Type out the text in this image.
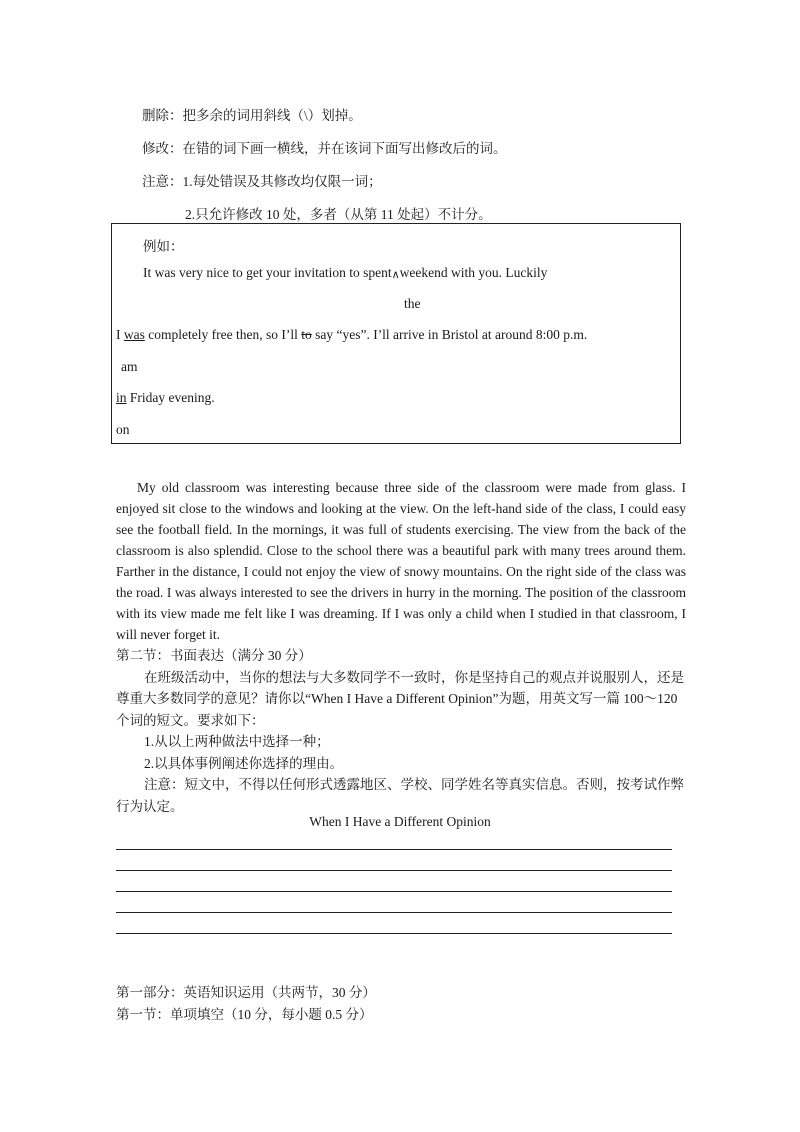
删除：把多余的词用斜线（\）划掉。
修改：在错的词下画一横线，并在该词下面写出修改后的词。
注意：1.每处错误及其修改均仅限一词；
2.只允许修改 10 处，多者（从第 11 处起）不计分。
例如：
It was very nice to get your invitation to spent∧weekend with you. Luckily
the
I was completely free then, so I’ll to say “yes”. I’ll arrive in Bristol at around 8:00 p.m.
am
in Friday evening.
on

My old classroom was interesting because three side of the classroom were made from glass. I enjoyed sit close to the windows and looking at the view. On the left-hand side of the class, I could easy see the football field. In the mornings, it was full of students exercising. The view from the back of the classroom is also splendid. Close to the school there was a beautiful park with many trees around them. Farther in the distance, I could not enjoy the view of snowy mountains. On the right side of the class was the road. I was always interested to see the drivers in hurry in the morning. The position of the classroom with its view made me felt like I was dreaming. If I was only a child when I studied in that classroom, I will never forget it.

第二节：书面表达（满分 30 分）

在班级活动中，当你的想法与大多数同学不一致时，你是坚持自己的观点并说服别人，还是尊重大多数同学的意见？请你以“When I Have a Different Opinion”为题，用英文写一篇 100～120 个词的短文。要求如下：

1.从以上两种做法中选择一种；

2.以具体事例阐述你选择的理由。

注意：短文中，不得以任何形式透露地区、学校、同学姓名等真实信息。否则，按考试作弊行为认定。

When I Have a Different Opinion
第一部分：英语知识运用（共两节，30 分）
第一节：单项填空（10 分，每小题 0.5 分）
